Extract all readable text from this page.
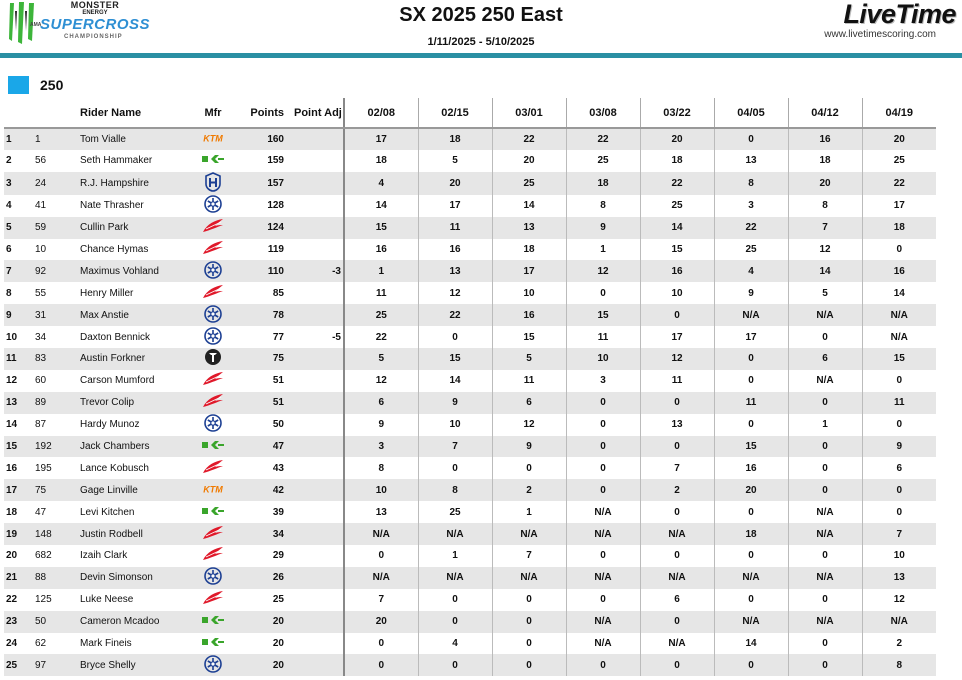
AMA
MONSTER
ENERGY
SUPERCROSS
CHAMPIONSHIP
SX 2025 250 East
1/11/2025 - 5/10/2025
LiveTime
www.livetimescoring.com
250
		Rider Name	Mfr	Points	Point Adj	02/08	02/15	03/01	03/08	03/22	04/05	04/12	04/19
1	1	Tom Vialle	KTM	160		17	18	22	22	20	0	16	20
2	56	Seth Hammaker		159		18	5	20	25	18	13	18	25
3	24	R.J. Hampshire		157		4	20	25	18	22	8	20	22
4	41	Nate Thrasher		128		14	17	14	8	25	3	8	17
5	59	Cullin Park		124		15	11	13	9	14	22	7	18
6	10	Chance Hymas		119		16	16	18	1	15	25	12	0
7	92	Maximus Vohland		110	-3	1	13	17	12	16	4	14	16
8	55	Henry Miller		85		11	12	10	0	10	9	5	14
9	31	Max Anstie		78		25	22	16	15	0	N/A	N/A	N/A
10	34	Daxton Bennick		77	-5	22	0	15	11	17	17	0	N/A
11	83	Austin Forkner		75		5	15	5	10	12	0	6	15
12	60	Carson Mumford		51		12	14	11	3	11	0	N/A	0
13	89	Trevor Colip		51		6	9	6	0	0	11	0	11
14	87	Hardy Munoz		50		9	10	12	0	13	0	1	0
15	192	Jack Chambers		47		3	7	9	0	0	15	0	9
16	195	Lance Kobusch		43		8	0	0	0	7	16	0	6
17	75	Gage Linville	KTM	42		10	8	2	0	2	20	0	0
18	47	Levi Kitchen		39		13	25	1	N/A	0	0	N/A	0
19	148	Justin Rodbell		34		N/A	N/A	N/A	N/A	N/A	18	N/A	7
20	682	Izaih Clark		29		0	1	7	0	0	0	0	10
21	88	Devin Simonson		26		N/A	N/A	N/A	N/A	N/A	N/A	N/A	13
22	125	Luke Neese		25		7	0	0	0	6	0	0	12
23	50	Cameron Mcadoo		20		20	0	0	N/A	0	N/A	N/A	N/A
24	62	Mark Fineis		20		0	4	0	N/A	N/A	14	0	2
25	97	Bryce Shelly		20		0	0	0	0	0	0	0	8
